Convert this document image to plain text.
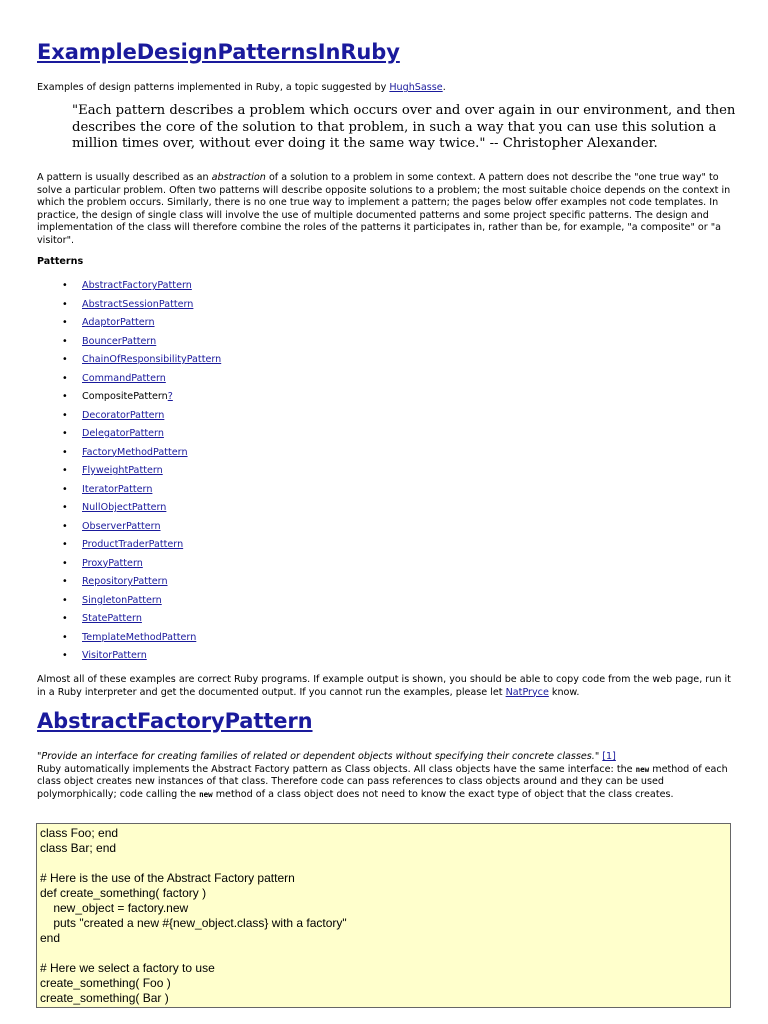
ExampleDesignPatternsInRuby

Examples of design patterns implemented in Ruby, a topic suggested by HughSasse.

"Each pattern describes a problem which occurs over and over again in our environment, and then describes the core of the solution to that problem, in such a way that you can use this solution a million times over, without ever doing it the same way twice." -- Christopher Alexander.

A pattern is usually described as an abstraction of a solution to a problem in some context. A pattern does not describe the "one true way" to solve a particular problem. Often two patterns will describe opposite solutions to a problem; the most suitable choice depends on the context in which the problem occurs. Similarly, there is no one true way to implement a pattern; the pages below offer examples not code templates. In practice, the design of single class will involve the use of multiple documented patterns and some project specific patterns. The design and implementation of the class will therefore combine the roles of the patterns it participates in, rather than be, for example, "a composite" or "a visitor".

Patterns

• AbstractFactoryPattern
• AbstractSessionPattern
• AdaptorPattern
• BouncerPattern
• ChainOfResponsibilityPattern
• CommandPattern
• CompositePattern?
• DecoratorPattern
• DelegatorPattern
• FactoryMethodPattern
• FlyweightPattern
• IteratorPattern
• NullObjectPattern
• ObserverPattern
• ProductTraderPattern
• ProxyPattern
• RepositoryPattern
• SingletonPattern
• StatePattern
• TemplateMethodPattern
• VisitorPattern

Almost all of these examples are correct Ruby programs. If example output is shown, you should be able to copy code from the web page, run it in a Ruby interpreter and get the documented output. If you cannot run the examples, please let NatPryce know.

AbstractFactoryPattern

"Provide an interface for creating families of related or dependent objects without specifying their concrete classes." [1]
Ruby automatically implements the Abstract Factory pattern as Class objects. All class objects have the same interface: the new method of each class object creates new instances of that class. Therefore code can pass references to class objects around and they can be used polymorphically; code calling the new method of a class object does not need to know the exact type of object that the class creates.

class Foo; end
class Bar; end

# Here is the use of the Abstract Factory pattern
def create_something( factory )
new_object = factory.new
puts "created a new #{new_object.class} with a factory"
end

# Here we select a factory to use
create_something( Foo )
create_something( Bar )
